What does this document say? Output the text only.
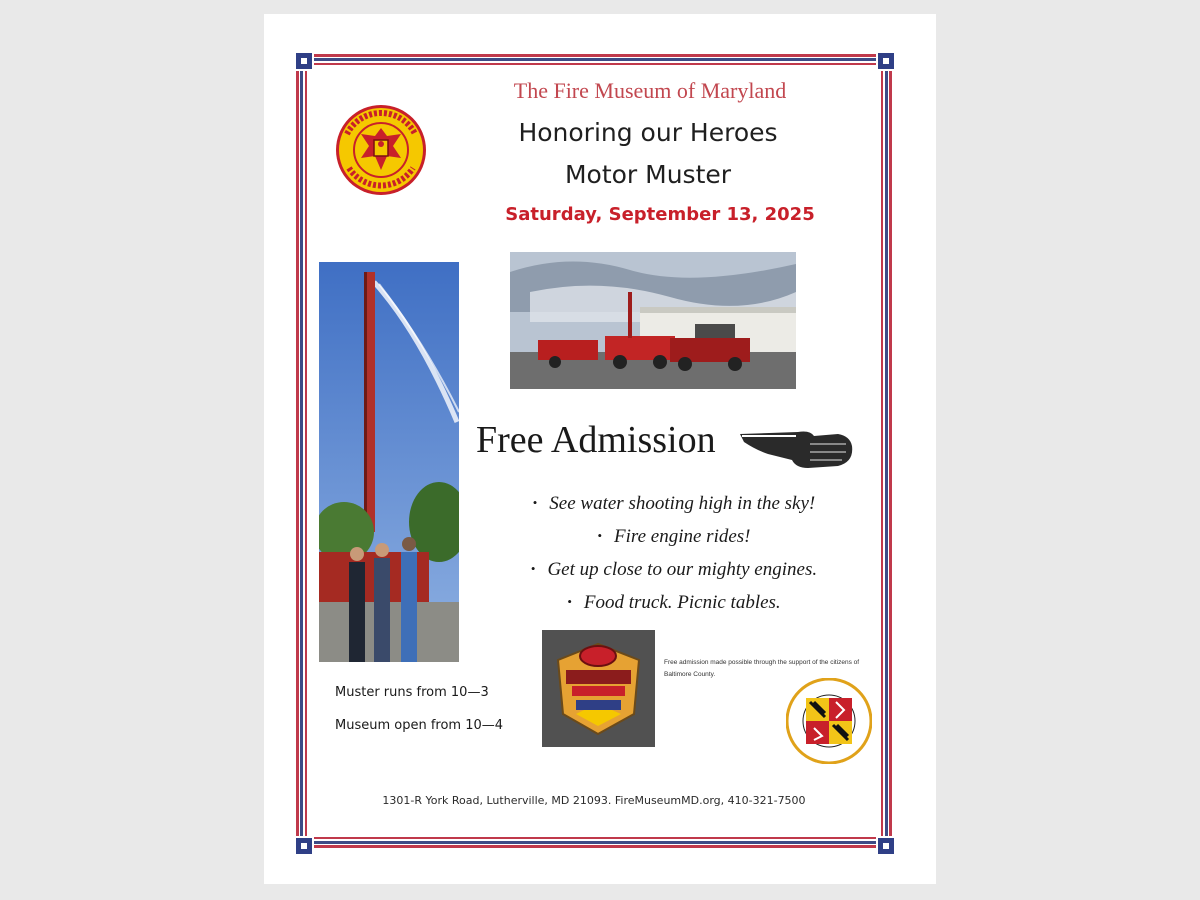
The Fire Museum of Maryland
Honoring our Heroes
Motor Muster
Saturday, September 13, 2025
Free Admission
• See water shooting high in the sky!
• Fire engine rides!
• Get up close to our mighty engines.
• Food truck. Picnic tables.
Free admission made possible through the support of the citizens of Baltimore County.
Muster runs from 10—3
Museum open from 10—4
1301-R York Road, Lutherville, MD 21093. FireMuseumMD.org, 410-321-7500
